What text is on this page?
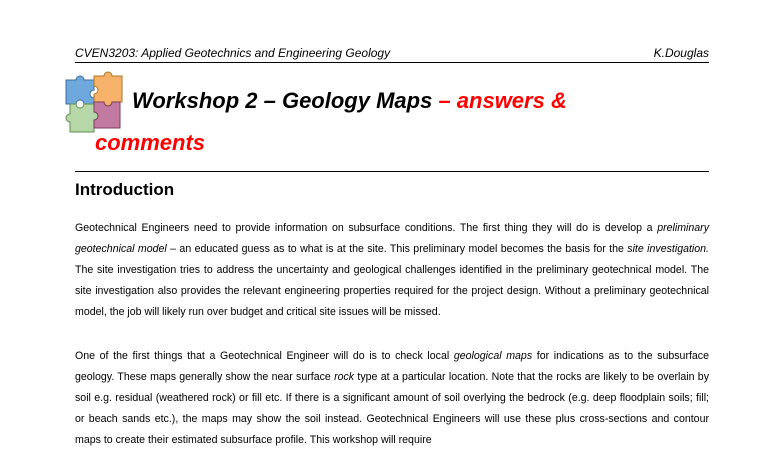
CVEN3203: Applied Geotechnics and Engineering Geology	K.Douglas
Workshop 2 – Geology Maps – answers &
comments
Introduction

Geotechnical Engineers need to provide information on subsurface conditions. The first thing they will do is develop a preliminary geotechnical model – an educated guess as to what is at the site. This preliminary model becomes the basis for the site investigation. The site investigation tries to address the uncertainty and geological challenges identified in the preliminary geotechnical model. The site investigation also provides the relevant engineering properties required for the project design. Without a preliminary geotechnical model, the job will likely run over budget and critical site issues will be missed.

One of the first things that a Geotechnical Engineer will do is to check local geological maps for indications as to the subsurface geology. These maps generally show the near surface rock type at a particular location. Note that the rocks are likely to be overlain by soil e.g. residual (weathered rock) or fill etc. If there is a significant amount of soil overlying the bedrock (e.g. deep floodplain soils; fill; or beach sands etc.), the maps may show the soil instead. Geotechnical Engineers will use these plus cross-sections and contour maps to create their estimated subsurface profile. This workshop will require
